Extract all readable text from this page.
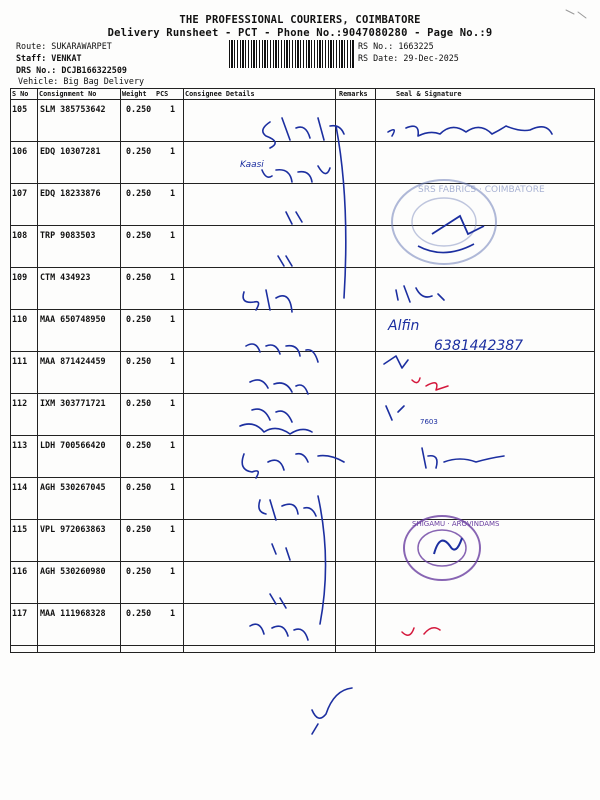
THE PROFESSIONAL COURIERS, COIMBATORE
Delivery Runsheet - PCT - Phone No.:9047080280 - Page No.:9
Route: SUKARAWARPET
Staff: VENKAT
DRS No.: DCJB166322509
Vehicle: Big Bag Delivery
RS No.: 1663225
RS Date: 29-Dec-2025
S No Consignment No	Weight PCS Consignee Details	Remarks	Seal & Signature
105 SLM 385753642 0.250 1
106 EDQ 10307281	0.250 1
107 EDQ 18233876	0.250 1
108 TRP 9083503	0.250 1
109 CTM 434923	0.250 1
110 MAA 650748950 0.250 1
111 MAA 871424459 0.250 1
112 IXM 303771721 0.250 1
113 LDH 700566420 0.250 1
114 AGH 530267045 0.250 1
115 VPL 972063863 0.250 1
116 AGH 530260980 0.250 1
117 MAA 111968328 0.250 1
SRS FABRICS · COIMBATORE
SHIGAMU · AROVINDAMS
Kaasi
Alfin
6381442387
7603
